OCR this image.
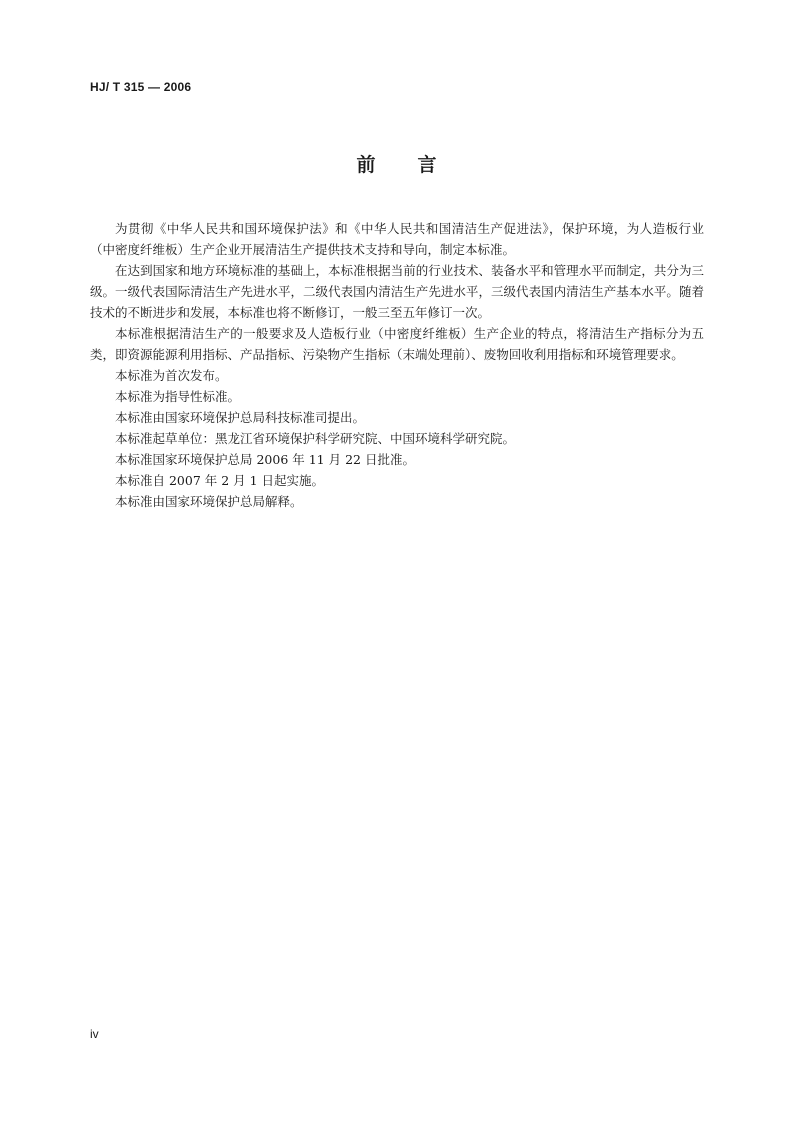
HJ/ T 315 — 2006
前 言

为贯彻《中华人民共和国环境保护法》和《中华人民共和国清洁生产促进法》，保护环境，为人造板行业（中密度纤维板）生产企业开展清洁生产提供技术支持和导向，制定本标准。

在达到国家和地方环境标准的基础上，本标准根据当前的行业技术、装备水平和管理水平而制定，共分为三级。一级代表国际清洁生产先进水平，二级代表国内清洁生产先进水平，三级代表国内清洁生产基本水平。随着技术的不断进步和发展，本标准也将不断修订，一般三至五年修订一次。

本标准根据清洁生产的一般要求及人造板行业（中密度纤维板）生产企业的特点，将清洁生产指标分为五类，即资源能源利用指标、产品指标、污染物产生指标（末端处理前）、废物回收利用指标和环境管理要求。

本标准为首次发布。

本标准为指导性标准。

本标准由国家环境保护总局科技标准司提出。

本标准起草单位：黑龙江省环境保护科学研究院、中国环境科学研究院。

本标准国家环境保护总局 2006 年 11 月 22 日批准。

本标准自 2007 年 2 月 1 日起实施。

本标准由国家环境保护总局解释。

iv
